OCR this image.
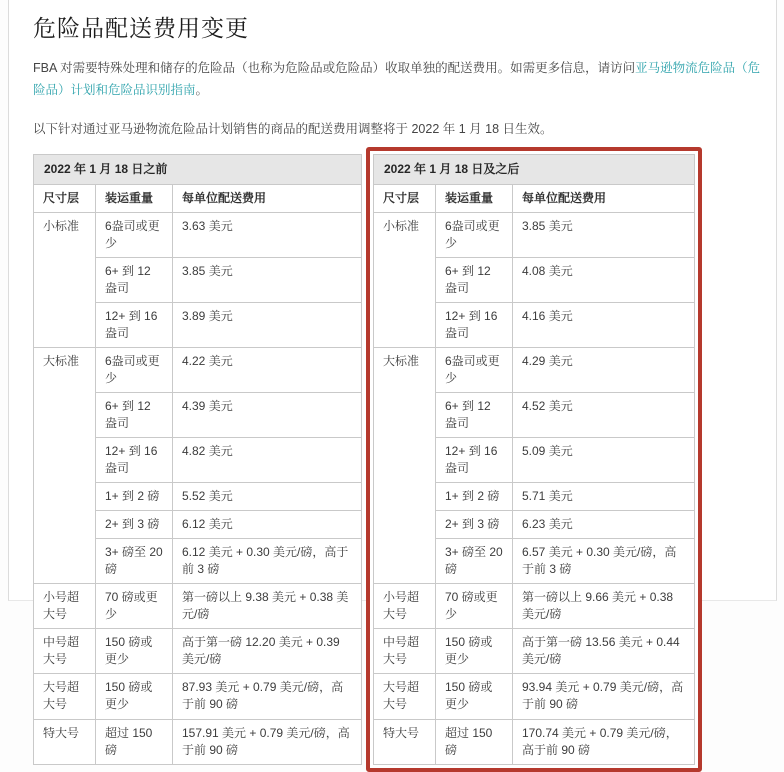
危险品配送费用变更

FBA 对需要特殊处理和储存的危险品（也称为危险品或危险品）收取单独的配送费用。如需更多信息，请访问亚马逊物流危险品（危险品）计划和危险品识别指南。

以下针对通过亚马逊物流危险品计划销售的商品的配送费用调整将于 2022 年 1 月 18 日生效。

2022 年 1 月 18 日之前		
尺寸层	装运重量	每单位配送费用
小标准	6盎司或更少	3.63 美元
	6+ 到 12 盎司	3.85 美元
	12+ 到 16 盎司	3.89 美元
大标准	6盎司或更少	4.22 美元
	6+ 到 12 盎司	4.39 美元
	12+ 到 16 盎司	4.82 美元
	1+ 到 2 磅	5.52 美元
	2+ 到 3 磅	6.12 美元
	3+ 磅至 20 磅	6.12 美元 + 0.30 美元/磅，高于前 3 磅
小号超大号	70 磅或更少	第一磅以上 9.38 美元 + 0.38 美元/磅
中号超大号	150 磅或更少	高于第一磅 12.20 美元 + 0.39 美元/磅
大号超大号	150 磅或更少	87.93 美元 + 0.79 美元/磅，高于前 90 磅
特大号	超过 150 磅	157.91 美元 + 0.79 美元/磅，高于前 90 磅
2022 年 1 月 18 日及之后		
尺寸层	装运重量	每单位配送费用
小标准	6盎司或更少	3.85 美元
	6+ 到 12 盎司	4.08 美元
	12+ 到 16 盎司	4.16 美元
大标准	6盎司或更少	4.29 美元
	6+ 到 12 盎司	4.52 美元
	12+ 到 16 盎司	5.09 美元
	1+ 到 2 磅	5.71 美元
	2+ 到 3 磅	6.23 美元
	3+ 磅至 20 磅	6.57 美元 + 0.30 美元/磅，高于前 3 磅
小号超大号	70 磅或更少	第一磅以上 9.66 美元 + 0.38 美元/磅
中号超大号	150 磅或更少	高于第一磅 13.56 美元 + 0.44 美元/磅
大号超大号	150 磅或更少	93.94 美元 + 0.79 美元/磅，高于前 90 磅
特大号	超过 150 磅	170.74 美元 + 0.79 美元/磅，高于前 90 磅
